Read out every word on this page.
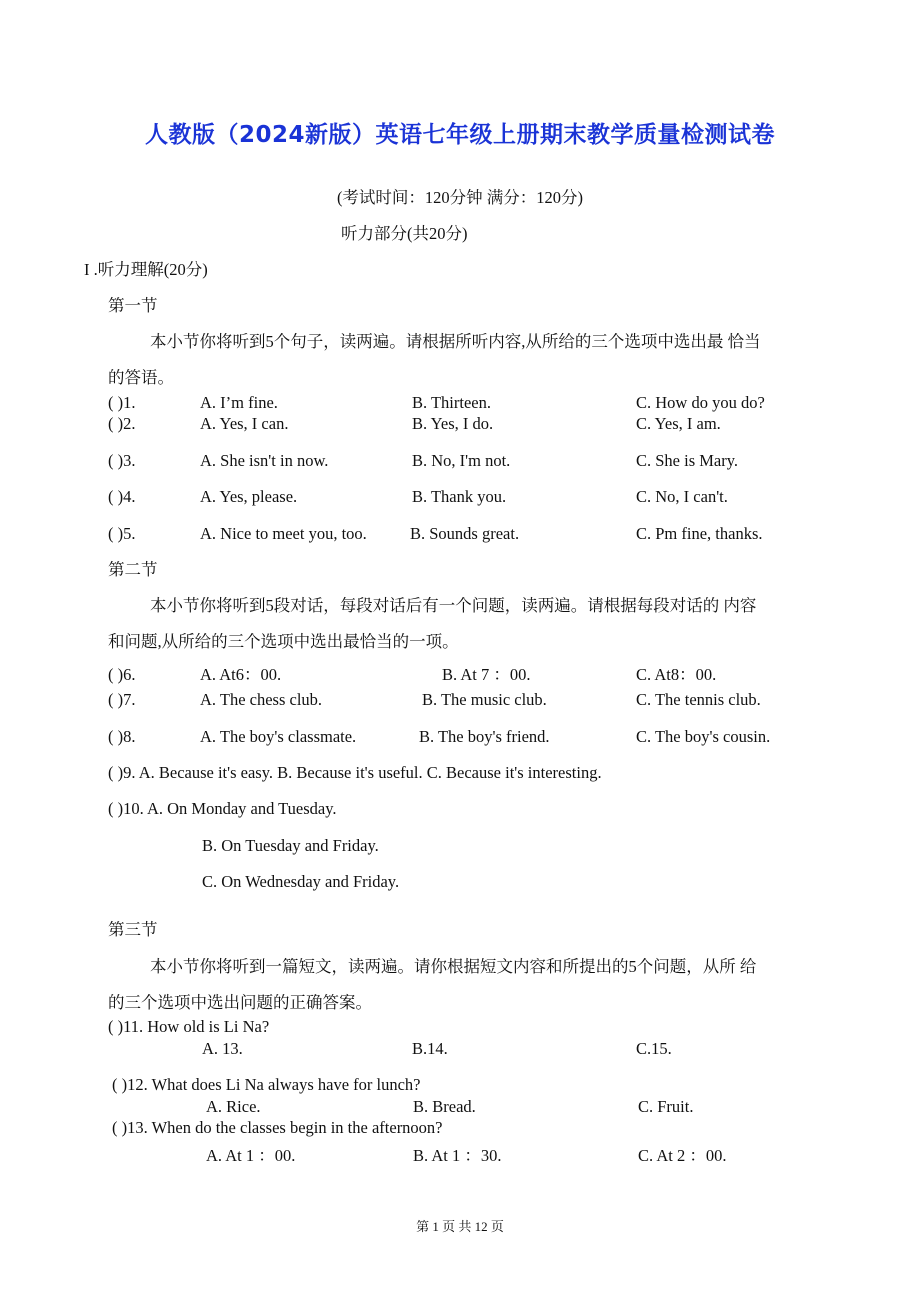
人教版（2024新版）英语七年级上册期末教学质量检测试卷
(考试时间：120分钟 满分：120分)
听力部分(共20分)
I .听力理解(20分)
第一节
本小节你将听到5个句子，读两遍。请根据所听内容,从所给的三个选项中选出最 恰当
的答语。
( )1.	A. I’m fine.	B. Thirteen.	C. How do you do?
( )2.	A. Yes, I can.	B. Yes, I do.	C. Yes, I am.
( )3.	A. She isn't in now.	B. No, I'm not.	C. She is Mary.
( )4.	A. Yes, please.	B. Thank you.	C. No, I can't.
( )5.	A. Nice to meet you, too.	B. Sounds great.	C. Pm fine, thanks.
第二节
本小节你将听到5段对话，每段对话后有一个问题，读两遍。请根据每段对话的 内容
和问题,从所给的三个选项中选出最恰当的一项。
( )6.	A. At6：00.	B. At 7 ：00.	C. At8：00.
( )7.	A. The chess club.	B. The music club.	C. The tennis club.
( )8.	A. The boy's classmate.	B. The boy's friend.	C. The boy's cousin.
( )9. A. Because it's easy. B. Because it's useful. C. Because it's interesting.
( )10. A. On Monday and Tuesday.
B. On Tuesday and Friday.
C. On Wednesday and Friday.
第三节
本小节你将听到一篇短文，读两遍。请你根据短文内容和所提出的5个问题，从所 给
的三个选项中选出问题的正确答案。
( )11. How old is Li Na?
A. 13.	B.14.	C.15.
( )12. What does Li Na always have for lunch?
A. Rice.	B. Bread.	C. Fruit.
( )13. When do the classes begin in the afternoon?
A. At 1 ：00.	B. At 1 ：30.	C. At 2 ：00.
第 1 页 共 12 页
